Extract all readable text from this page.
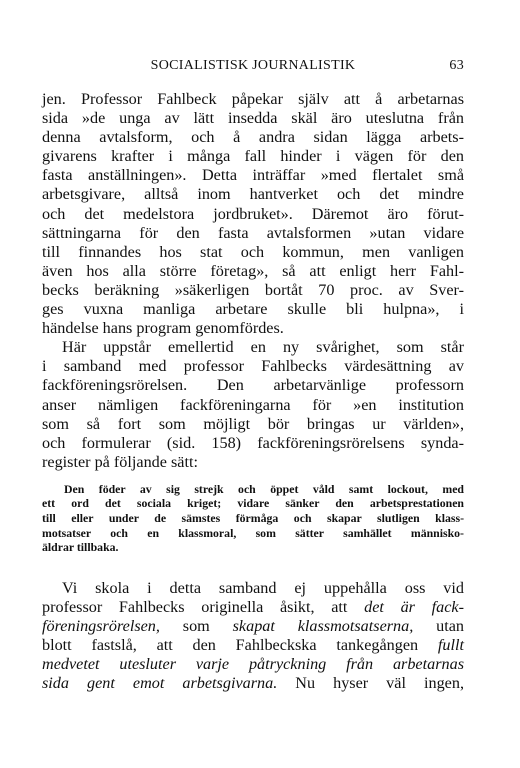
SOCIALISTISK JOURNALISTIK	63
jen. Professor Fahlbeck påpekar själv att å arbetarnas
sida »de unga av lätt insedda skäl äro uteslutna från
denna avtalsform, och å andra sidan lägga arbets-
givarens krafter i många fall hinder i vägen för den
fasta anställningen». Detta inträffar »med flertalet små
arbetsgivare, alltså inom hantverket och det mindre
och det medelstora jordbruket». Däremot äro förut-
sättningarna för den fasta avtalsformen »utan vidare
till finnandes hos stat och kommun, men vanligen
även hos alla större företag», så att enligt herr Fahl-
becks beräkning »säkerligen bortåt 70 proc. av Sver-
ges vuxna manliga arbetare skulle bli hulpna», i
händelse hans program genomfördes.
Här uppstår emellertid en ny svårighet, som står
i samband med professor Fahlbecks värdesättning av
fackföreningsrörelsen. Den arbetarvänlige professorn
anser nämligen fackföreningarna för »en institution
som så fort som möjligt bör bringas ur världen»,
och formulerar (sid. 158) fackföreningsrörelsens synda-
register på följande sätt:
Den föder av sig strejk och öppet våld samt lockout, med
ett ord det sociala kriget; vidare sänker den arbetsprestationen
till eller under de sämstes förmåga och skapar slutligen klass-
motsatser och en klassmoral, som sätter samhället människo-
äldrar tillbaka.
Vi skola i detta samband ej uppehålla oss vid
professor Fahlbecks originella åsikt, att det är fack-
föreningsrörelsen, som skapat klassmotsatserna, utan
blott fastslå, att den Fahlbeckska tankegången fullt
medvetet utesluter varje påtryckning från arbetarnas
sida gent emot arbetsgivarna. Nu hyser väl ingen,
